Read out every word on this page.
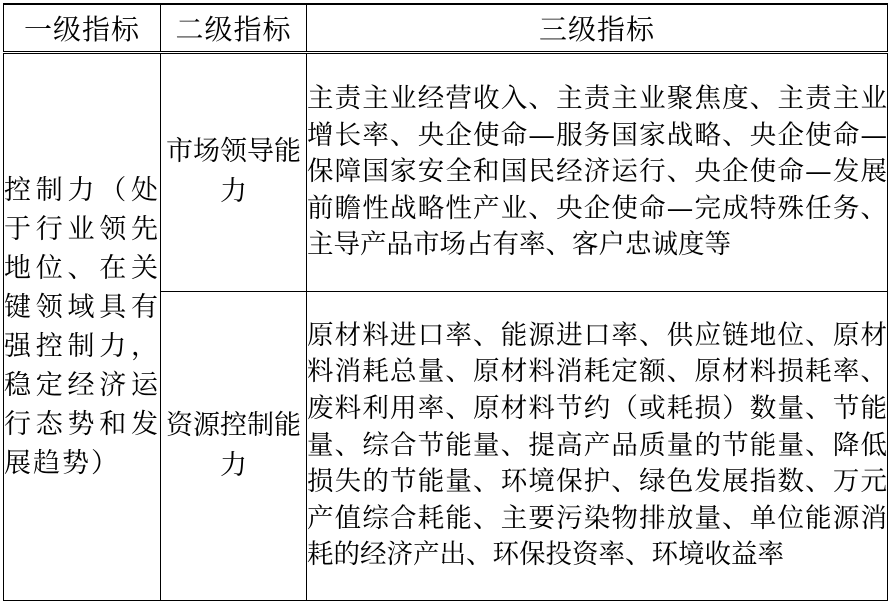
一级指标	二级指标	三级指标

控制力（处于行业领先地位、在关键领域具有强控制力，稳定经济运行态势和发展趋势）	市场领导能力	主责主业经营收入、主责主业聚焦度、主责主业增长率、央企使命—服务国家战略、央企使命—保障国家安全和国民经济运行、央企使命—发展前瞻性战略性产业、央企使命—完成特殊任务、主导产品市场占有率、客户忠诚度等
	资源控制能力	原材料进口率、能源进口率、供应链地位、原材料消耗总量、原材料消耗定额、原材料损耗率、废料利用率、原材料节约（或耗损）数量、节能量、综合节能量、提高产品质量的节能量、降低损失的节能量、环境保护、绿色发展指数、万元产值综合耗能、主要污染物排放量、单位能源消耗的经济产出、环保投资率、环境收益率
